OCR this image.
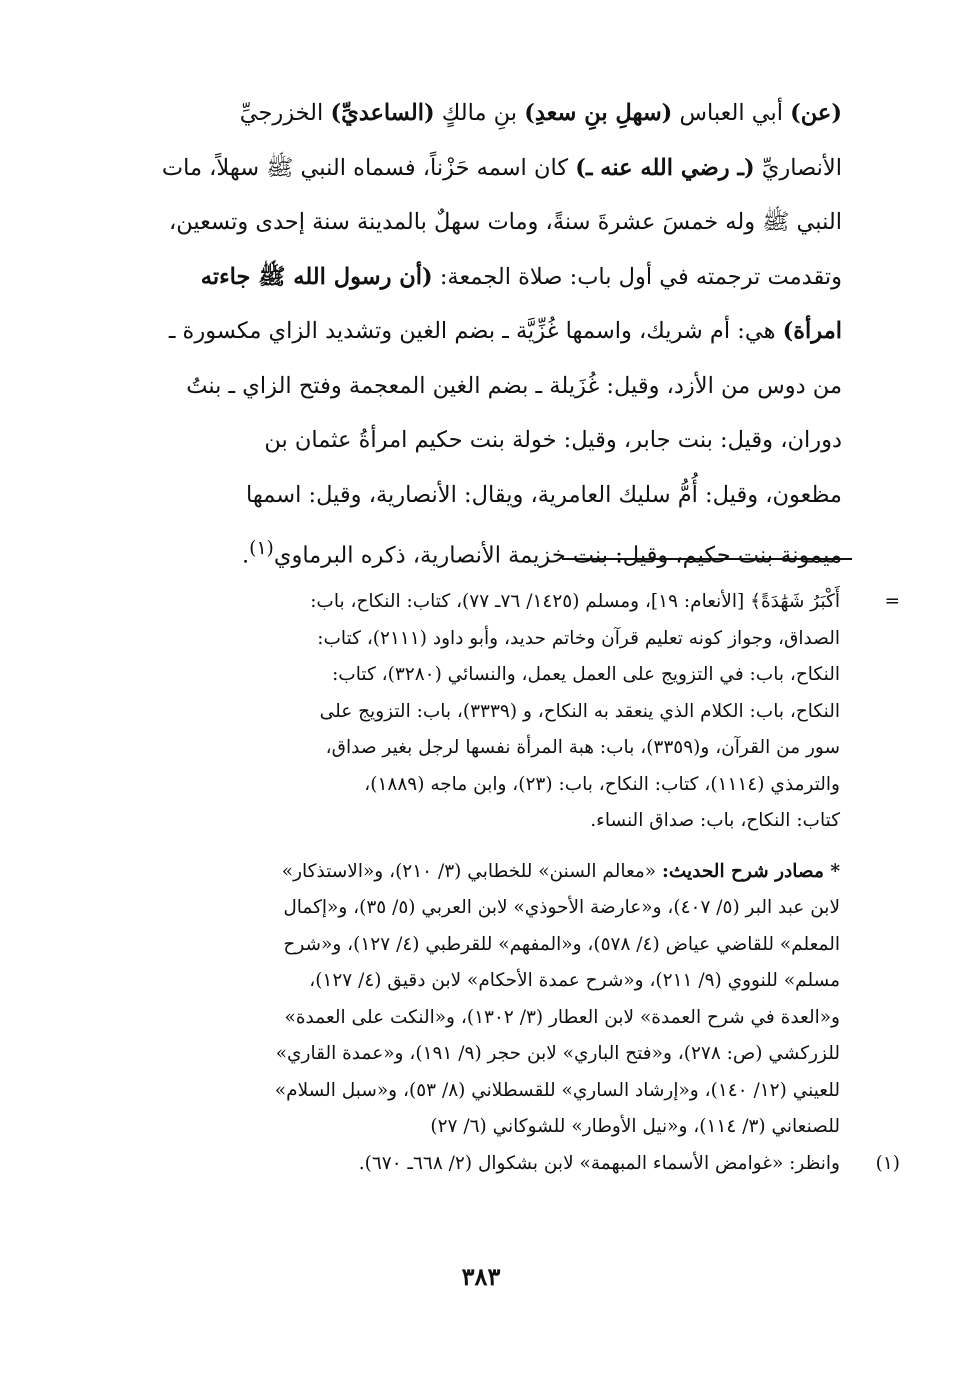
(عن) أبي العباس (سهلِ بنِ سعدِ) بنِ مالكٍ (الساعديِّ) الخزرجيِّ

الأنصاريِّ (ـ رضي الله عنه ـ) كان اسمه حَزْناً، فسماه النبي ﷺ سهلاً، مات

النبي ﷺ وله خمسَ عشرةَ سنةً، ومات سهلٌ بالمدينة سنة إحدى وتسعين،

وتقدمت ترجمته في أول باب: صلاة الجمعة: (أن رسول الله ﷺ جاءته

امرأة) هي: أم شريك، واسمها غُزِّيَّة ـ بضم الغين وتشديد الزاي مكسورة ـ

من دوس من الأزد، وقيل: غُزَيلة ـ بضم الغين المعجمة وفتح الزاي ـ بنتُ

دوران، وقيل: بنت جابر، وقيل: خولة بنت حكيم امرأةُ عثمان بن

مظعون، وقيل: أُمُّ سليك العامرية، ويقال: الأنصارية، وقيل: اسمها

ميمونة بنت حكيم، وقيل: بنت خزيمة الأنصارية، ذكره البرماوي$^{(١)}$.

=
أَكْبَرُ شَهَٰدَةً﴾ [الأنعام: ١٩]، ومسلم (١٤٢٥/ ٧٦ـ ٧٧)، كتاب: النكاح، باب:

الصداق، وجواز كونه تعليم قرآن وخاتم حديد، وأبو داود (٢١١١)، كتاب:

النكاح، باب: في التزويج على العمل يعمل، والنسائي (٣٢٨٠)، كتاب:

النكاح، باب: الكلام الذي ينعقد به النكاح، و (٣٣٣٩)، باب: التزويج على

سور من القرآن، و(٣٣٥٩)، باب: هبة المرأة نفسها لرجل بغير صداق،

والترمذي (١١١٤)، كتاب: النكاح، باب: (٢٣)، وابن ماجه (١٨٨٩)،

كتاب: النكاح، باب: صداق النساء.

* مصادر شرح الحديث: «معالم السنن» للخطابي (٣/ ٢١٠)، و«الاستذكار»

لابن عبد البر (٥/ ٤٠٧)، و«عارضة الأحوذي» لابن العربي (٥/ ٣٥)، و«إكمال

المعلم» للقاضي عياض (٤/ ٥٧٨)، و«المفهم» للقرطبي (٤/ ١٢٧)، و«شرح

مسلم» للنووي (٩/ ٢١١)، و«شرح عمدة الأحكام» لابن دقيق (٤/ ١٢٧)،

و«العدة في شرح العمدة» لابن العطار (٣/ ١٣٠٢)، و«النكت على العمدة»

للزركشي (ص: ٢٧٨)، و«فتح الباري» لابن حجر (٩/ ١٩١)، و«عمدة القاري»

للعيني (١٢/ ١٤٠)، و«إرشاد الساري» للقسطلاني (٨/ ٥٣)، و«سبل السلام»

للصنعاني (٣/ ١١٤)، و«نيل الأوطار» للشوكاني (٦/ ٢٧)

(١)
وانظر: «غوامض الأسماء المبهمة» لابن بشكوال (٢/ ٦٦٨ـ ٦٧٠).

٣٨٣
